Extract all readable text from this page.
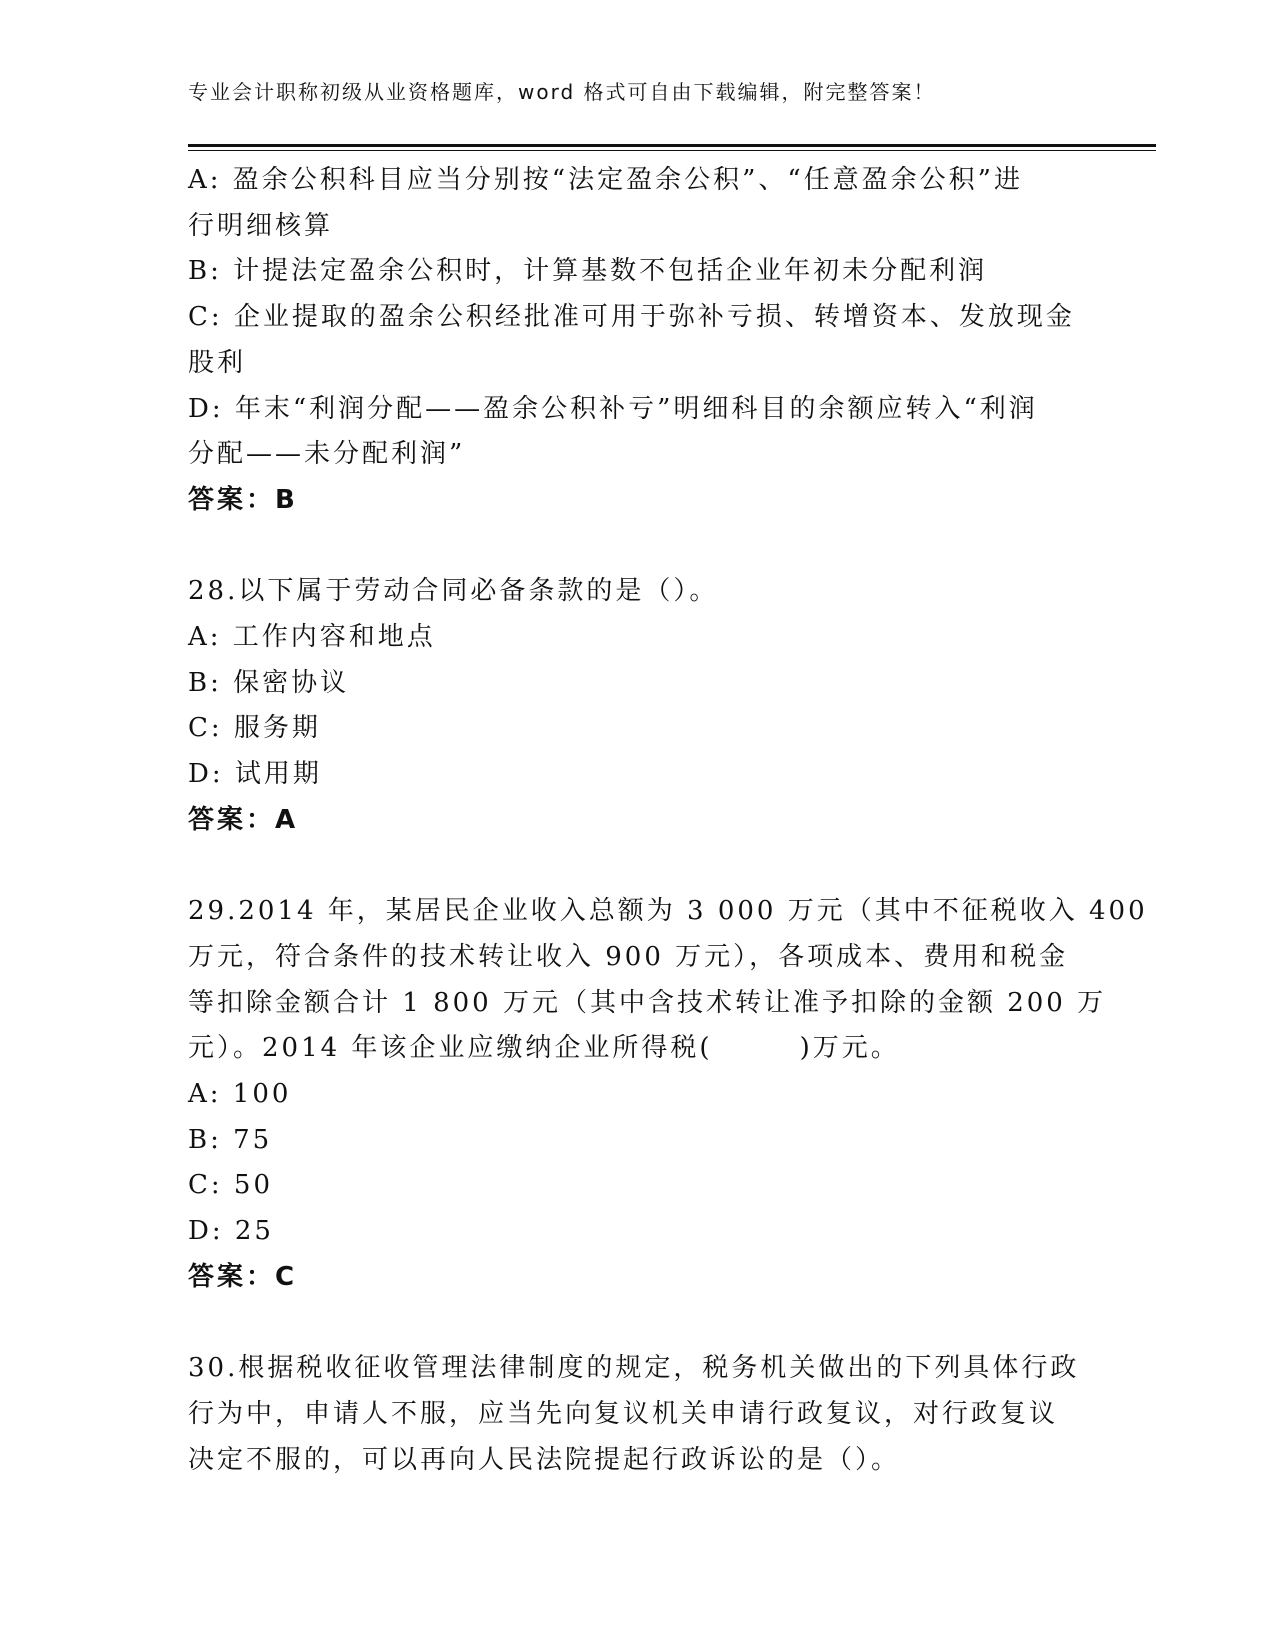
专业会计职称初级从业资格题库，word 格式可自由下载编辑，附完整答案！
A: 盈余公积科目应当分别按“法定盈余公积”、“任意盈余公积”进
行明细核算
B: 计提法定盈余公积时，计算基数不包括企业年初未分配利润
C: 企业提取的盈余公积经批准可用于弥补亏损、转增资本、发放现金
股利
D: 年末“利润分配——盈余公积补亏”明细科目的余额应转入“利润
分配——未分配利润”
答案：B
28.以下属于劳动合同必备条款的是（）。
A: 工作内容和地点
B: 保密协议
C: 服务期
D: 试用期
答案：A
29.2014 年，某居民企业收入总额为 3 000 万元（其中不征税收入 400
万元，符合条件的技术转让收入 900 万元），各项成本、费用和税金
等扣除金额合计 1 800 万元（其中含技术转让准予扣除的金额 200 万
元）。2014 年该企业应缴纳企业所得税(　　　)万元。
A: 100
B: 75
C: 50
D: 25
答案：C
30.根据税收征收管理法律制度的规定，税务机关做出的下列具体行政
行为中，申请人不服，应当先向复议机关申请行政复议，对行政复议
决定不服的，可以再向人民法院提起行政诉讼的是（）。
